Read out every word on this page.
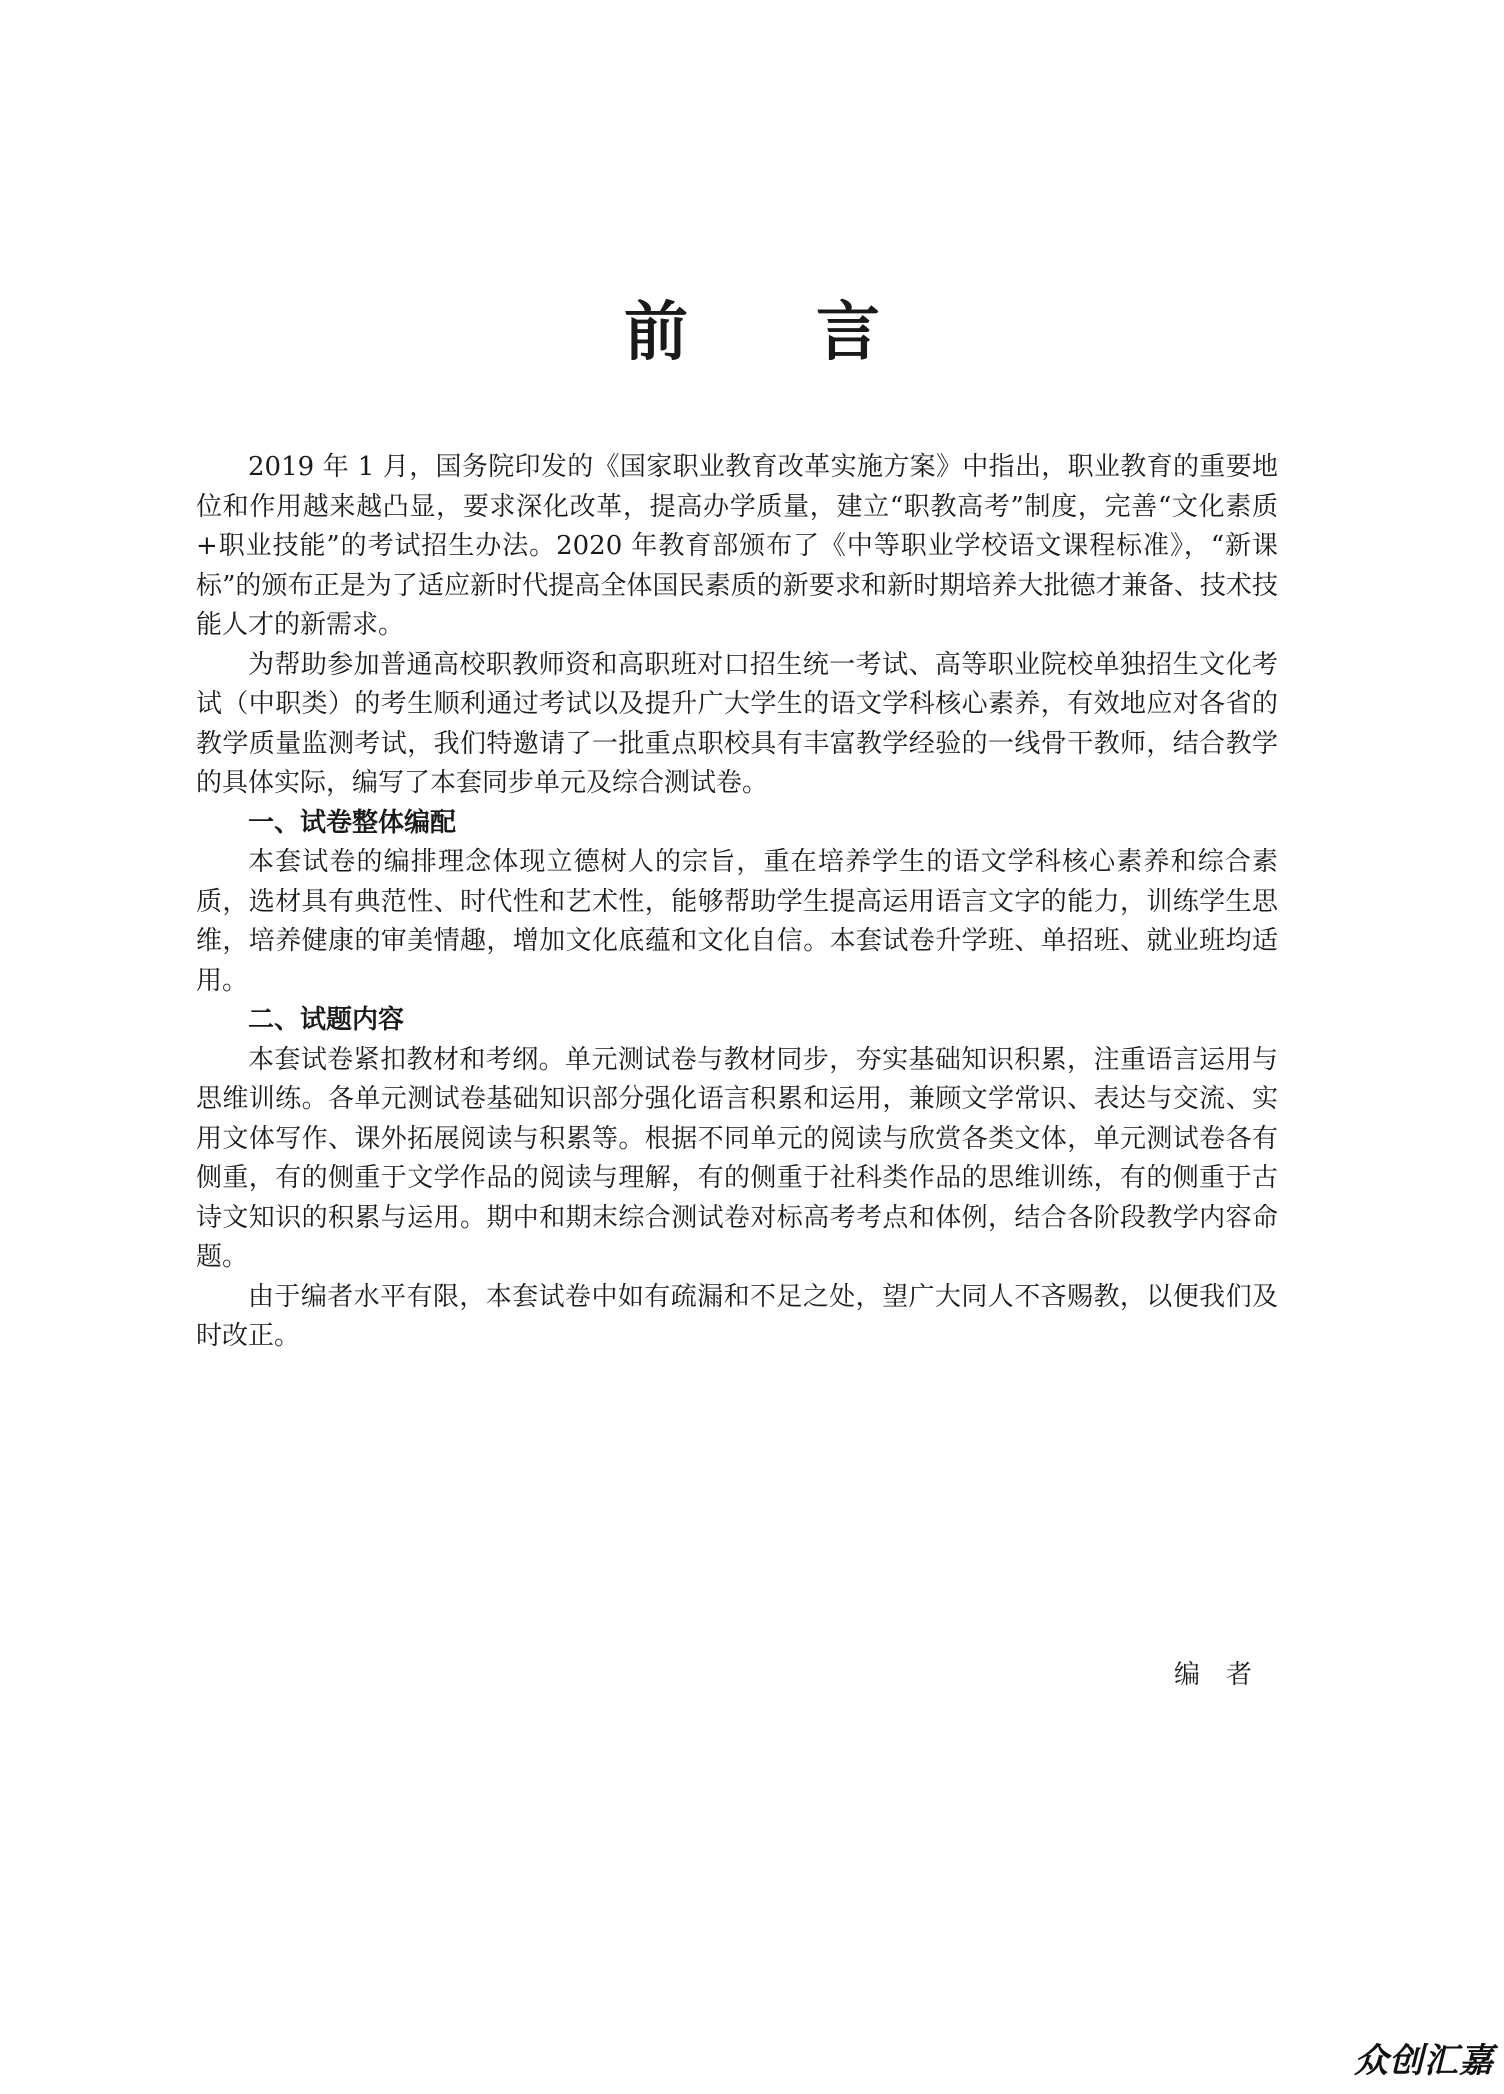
前言

2019 年 1 月，国务院印发的《国家职业教育改革实施方案》中指出，职业教育的重要地位和作用越来越凸显，要求深化改革，提高办学质量，建立“职教高考”制度，完善“文化素质+职业技能”的考试招生办法。2020 年教育部颁布了《中等职业学校语文课程标准》，“新课标”的颁布正是为了适应新时代提高全体国民素质的新要求和新时期培养大批德才兼备、技术技能人才的新需求。

为帮助参加普通高校职教师资和高职班对口招生统一考试、高等职业院校单独招生文化考试（中职类）的考生顺利通过考试以及提升广大学生的语文学科核心素养，有效地应对各省的教学质量监测考试，我们特邀请了一批重点职校具有丰富教学经验的一线骨干教师，结合教学的具体实际，编写了本套同步单元及综合测试卷。

一、试卷整体编配

本套试卷的编排理念体现立德树人的宗旨，重在培养学生的语文学科核心素养和综合素质，选材具有典范性、时代性和艺术性，能够帮助学生提高运用语言文字的能力，训练学生思维，培养健康的审美情趣，增加文化底蕴和文化自信。本套试卷升学班、单招班、就业班均适用。

二、试题内容

本套试卷紧扣教材和考纲。单元测试卷与教材同步，夯实基础知识积累，注重语言运用与思维训练。各单元测试卷基础知识部分强化语言积累和运用，兼顾文学常识、表达与交流、实用文体写作、课外拓展阅读与积累等。根据不同单元的阅读与欣赏各类文体，单元测试卷各有侧重，有的侧重于文学作品的阅读与理解，有的侧重于社科类作品的思维训练，有的侧重于古诗文知识的积累与运用。期中和期末综合测试卷对标高考考点和体例，结合各阶段教学内容命题。

由于编者水平有限，本套试卷中如有疏漏和不足之处，望广大同人不吝赐教，以便我们及时改正。

编者
众创汇嘉
